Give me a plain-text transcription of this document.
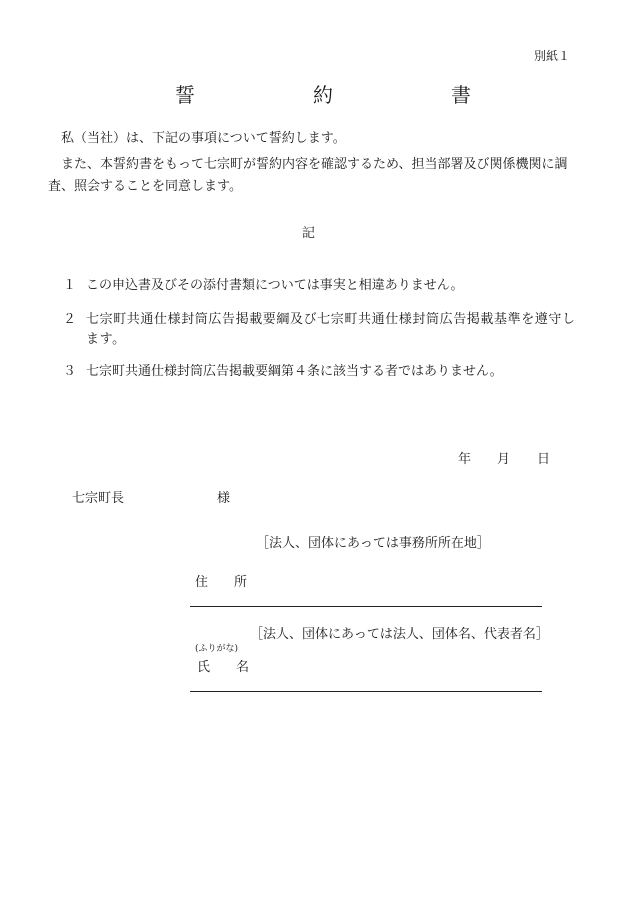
別紙１
誓	約	書
私（当社）は、下記の事項について誓約します。
また、本誓約書をもって七宗町が誓約内容を確認するため、担当部署及び関係機関に調査、照会することを同意します。
記
１ この申込書及びその添付書類については事実と相違ありません。
２ 七宗町共通仕様封筒広告掲載要綱及び七宗町共通仕様封筒広告掲載基準を遵守します。
３ 七宗町共通仕様封筒広告掲載要綱第４条に該当する者ではありません。
年 月 日
七宗町長	様
［法人、団体にあっては事務所所在地］
住　　所
［法人、団体にあっては法人、団体名、代表者名］
(ふりがな)
氏　　名
